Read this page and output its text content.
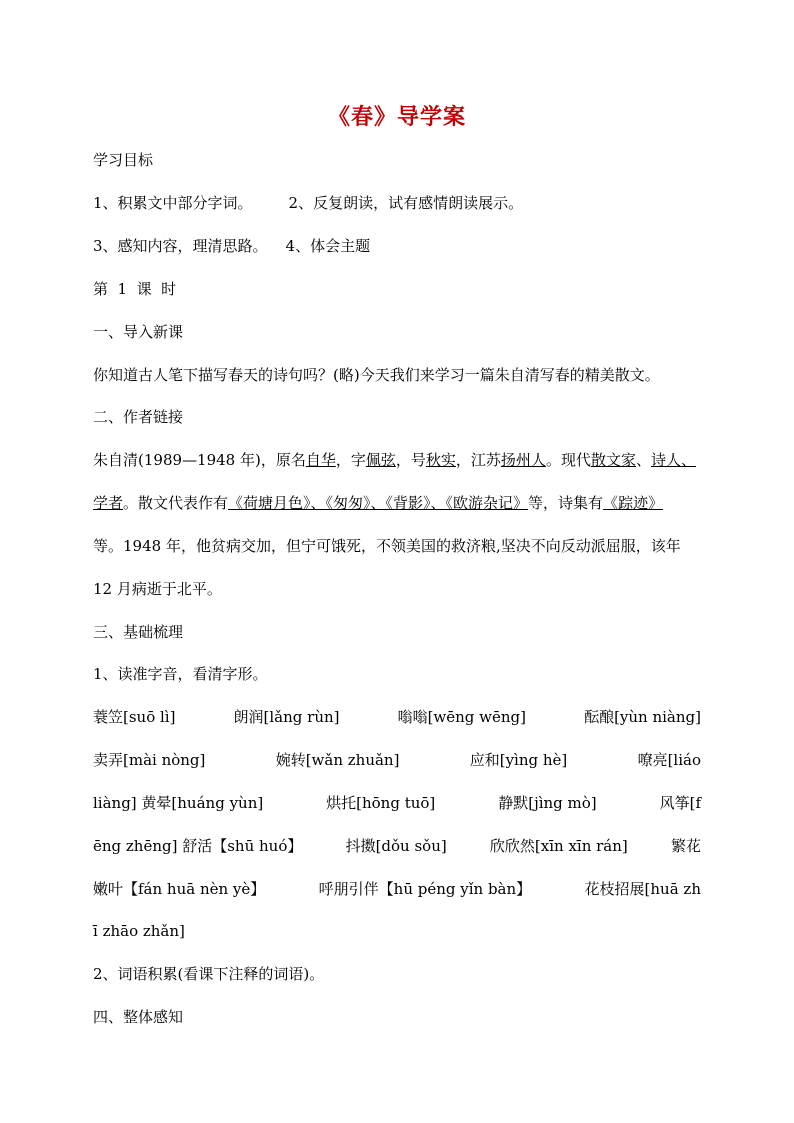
《春》导学案
学习目标
1、积累文中部分字词。 2、反复朗读，试有感情朗读展示。
3、感知内容，理清思路。 4、体会主题
第  1  课  时
一、导入新课
你知道古人笔下描写春天的诗句吗？(略)今天我们来学习一篇朱自清写春的精美散文。
二、作者链接
朱自清(1989—1948 年)，原名自华，字佩弦，号秋实，江苏扬州人。现代散文家、诗人、
学者。散文代表作有《荷塘月色》、《匆匆》、《背影》、《欧游杂记》等，诗集有《踪迹》
等。1948 年，他贫病交加，但宁可饿死，不领美国的救济粮,坚决不向反动派屈服，该年
12 月病逝于北平。
三、基础梳理
1、读准字音，看清字形。
蓑笠[suō lì]	朗润[lǎng rùn]	嗡嗡[wēng wēng]	酝酿[yùn niàng]
卖弄[mài nòng]	婉转[wǎn zhuǎn]	应和[yìng hè]	嘹亮[liáo
liàng] 黄晕[huáng yùn]	烘托[hōng tuō]	静默[jìng mò]	风筝[f
ēng zhēng] 舒活【shū huó】	抖擞[dǒu sǒu]	欣欣然[xīn xīn rán]	繁花
嫩叶【fán huā nèn yè】	呼朋引伴【hū péng yǐn bàn】	花枝招展[huā zh
ī zhāo zhǎn]
2、词语积累(看课下注释的词语)。
四、整体感知
